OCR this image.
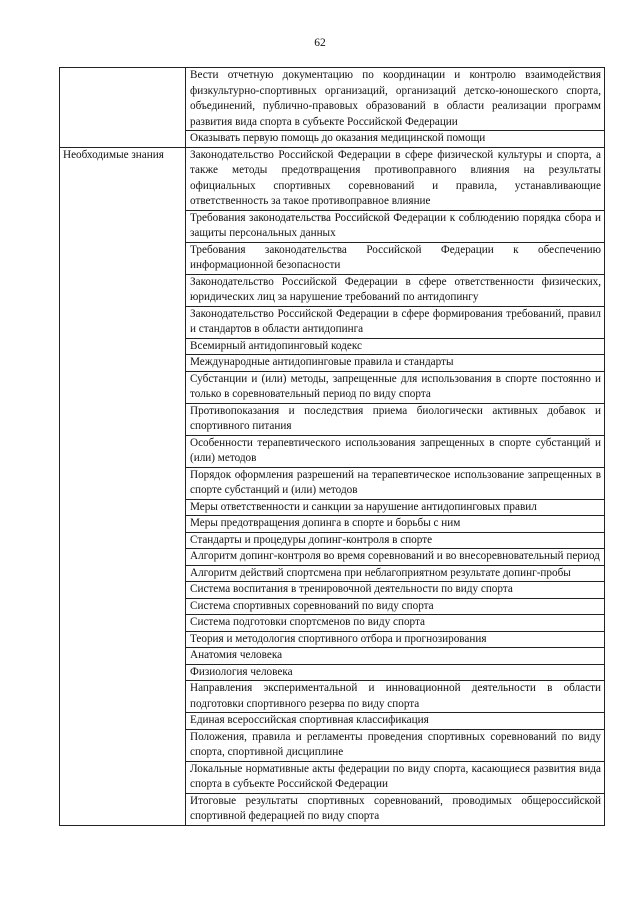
62
	Вести отчетную документацию по координации и контролю взаимодействия физкультурно-спортивных организаций, организаций детско-юношеского спорта, объединений, публично-правовых образований в области реализации программ развития вида спорта в субъекте Российской Федерации
	Оказывать первую помощь до оказания медицинской помощи
Необходимые знания	Законодательство Российской Федерации в сфере физической культуры и спорта, а также методы предотвращения противоправного влияния на результаты официальных спортивных соревнований и правила, устанавливающие ответственность за такое противоправное влияние
	Требования законодательства Российской Федерации к соблюдению порядка сбора и защиты персональных данных
	Требования законодательства Российской Федерации к обеспечению информационной безопасности
	Законодательство Российской Федерации в сфере ответственности физических, юридических лиц за нарушение требований по антидопингу
	Законодательство Российской Федерации в сфере формирования требований, правил и стандартов в области антидопинга
	Всемирный антидопинговый кодекс
	Международные антидопинговые правила и стандарты
	Субстанции и (или) методы, запрещенные для использования в спорте постоянно и только в соревновательный период по виду спорта
	Противопоказания и последствия приема биологически активных добавок и спортивного питания
	Особенности терапевтического использования запрещенных в спорте субстанций и (или) методов
	Порядок оформления разрешений на терапевтическое использование запрещенных в спорте субстанций и (или) методов
	Меры ответственности и санкции за нарушение антидопинговых правил
	Меры предотвращения допинга в спорте и борьбы с ним
	Стандарты и процедуры допинг-контроля в спорте
	Алгоритм допинг-контроля во время соревнований и во внесоревновательный период
	Алгоритм действий спортсмена при неблагоприятном результате допинг-пробы
	Система воспитания в тренировочной деятельности по виду спорта
	Система спортивных соревнований по виду спорта
	Система подготовки спортсменов по виду спорта
	Теория и методология спортивного отбора и прогнозирования
	Анатомия человека
	Физиология человека
	Направления экспериментальной и инновационной деятельности в области подготовки спортивного резерва по виду спорта
	Единая всероссийская спортивная классификация
	Положения, правила и регламенты проведения спортивных соревнований по виду спорта, спортивной дисциплине
	Локальные нормативные акты федерации по виду спорта, касающиеся развития вида спорта в субъекте Российской Федерации
	Итоговые результаты спортивных соревнований, проводимых общероссийской спортивной федерацией по виду спорта
